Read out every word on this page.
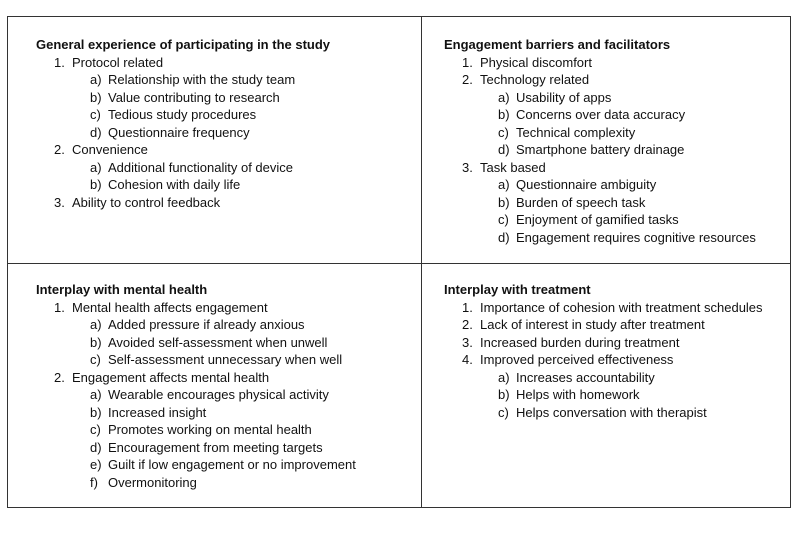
General experience of participating in the study
1. Protocol related
a) Relationship with the study team
b) Value contributing to research
c) Tedious study procedures
d) Questionnaire frequency
2. Convenience
a) Additional functionality of device
b) Cohesion with daily life
3. Ability to control feedback
Engagement barriers and facilitators
1. Physical discomfort
2. Technology related
a) Usability of apps
b) Concerns over data accuracy
c) Technical complexity
d) Smartphone battery drainage
3. Task based
a) Questionnaire ambiguity
b) Burden of speech task
c) Enjoyment of gamified tasks
d) Engagement requires cognitive resources
Interplay with mental health
1. Mental health affects engagement
a) Added pressure if already anxious
b) Avoided self-assessment when unwell
c) Self-assessment unnecessary when well
2. Engagement affects mental health
a) Wearable encourages physical activity
b) Increased insight
c) Promotes working on mental health
d) Encouragement from meeting targets
e) Guilt if low engagement or no improvement
f) Overmonitoring
Interplay with treatment
1. Importance of cohesion with treatment schedules
2. Lack of interest in study after treatment
3. Increased burden during treatment
4. Improved perceived effectiveness
a) Increases accountability
b) Helps with homework
c) Helps conversation with therapist
